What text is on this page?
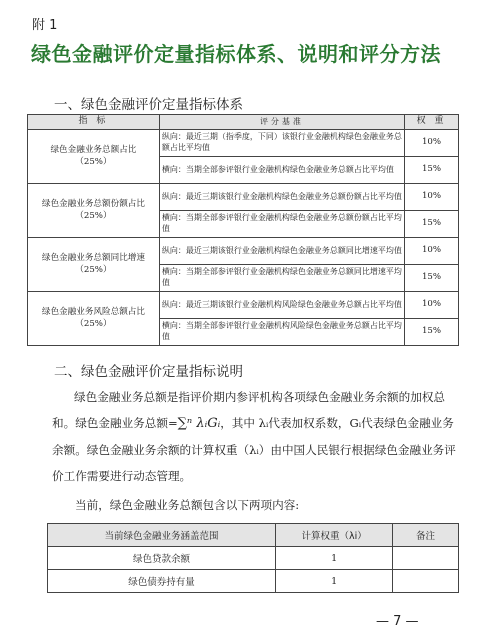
附 1
绿色金融评价定量指标体系、说明和评分方法
一、绿色金融评价定量指标体系
指 标	评分基准	权 重

绿色金融业务总额占比
（25%）	纵向：最近三期（指季度，下同）该银行业金融机构绿色金融业务总额占比平均值	10%
	横向：当期全部参评银行业金融机构绿色金融业务总额占比平均值	15%

绿色金融业务总额份额占比
（25%）	纵向：最近三期该银行业金融机构绿色金融业务总额份额占比平均值	10%
	横向：当期全部参评银行业金融机构绿色金融业务总额份额占比平均值	15%

绿色金融业务总额同比增速
（25%）	纵向：最近三期该银行业金融机构绿色金融业务总额同比增速平均值	10%
	横向：当期全部参评银行业金融机构绿色金融业务总额同比增速平均值	15%

绿色金融业务风险总额占比
（25%）	纵向：最近三期该银行业金融机构风险绿色金融业务总额占比平均值	10%
	横向：当期全部参评银行业金融机构风险绿色金融业务总额占比平均值	15%
二、绿色金融评价定量指标说明
绿色金融业务总额是指评价期内参评机构各项绿色金融业务余额的加权总和。绿色金融业务总额=∑ⁿ λᵢGᵢ，其中 λᵢ代表加权系数，Gᵢ代表绿色金融业务余额。绿色金融业务余额的计算权重（λᵢ）由中国人民银行根据绿色金融业务评价工作需要进行动态管理。
当前，绿色金融业务总额包含以下两项内容:
当前绿色金融业务涵盖范围	计算权重（λi）	备注
绿色贷款余额	1	
绿色债券持有量	1	
— 7 —
